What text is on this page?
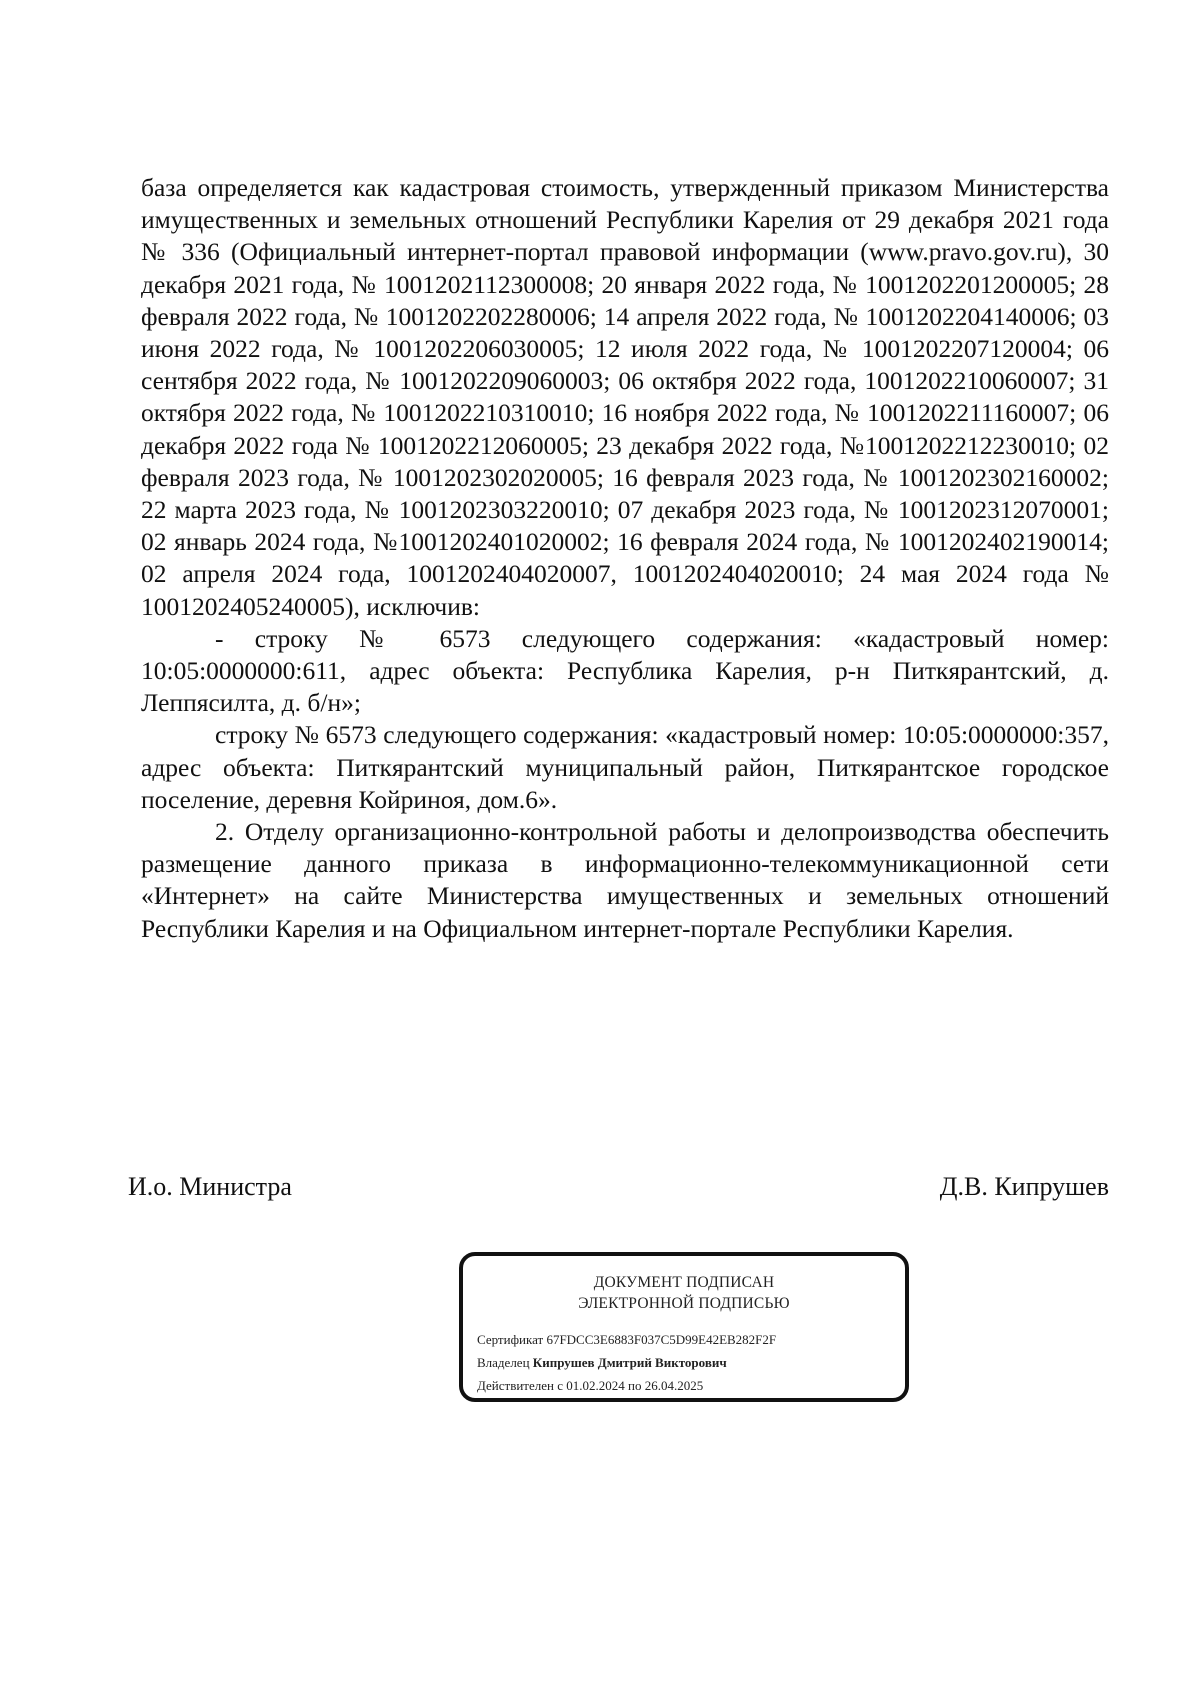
база определяется как кадастровая стоимость, утвержденный приказом Министерства имущественных и земельных отношений Республики Карелия от 29 декабря 2021 года № 336 (Официальный интернет-портал правовой информации (www.pravo.gov.ru), 30 декабря 2021 года, № 1001202112300008; 20 января 2022 года, № 1001202201200005; 28 февраля 2022 года, № 1001202202280006; 14 апреля 2022 года, № 1001202204140006; 03 июня 2022 года, № 1001202206030005; 12 июля 2022 года, № 1001202207120004; 06 сентября 2022 года, № 1001202209060003; 06 октября 2022 года, 1001202210060007; 31 октября 2022 года, № 1001202210310010; 16 ноября 2022 года, № 1001202211160007; 06 декабря 2022 года № 1001202212060005; 23 декабря 2022 года, №1001202212230010; 02 февраля 2023 года, № 1001202302020005; 16 февраля 2023 года, № 1001202302160002; 22 марта 2023 года, № 1001202303220010; 07 декабря 2023 года, № 1001202312070001; 02 январь 2024 года, №1001202401020002; 16 февраля 2024 года, № 1001202402190014; 02 апреля 2024 года, 1001202404020007, 1001202404020010; 24 мая 2024 года № 1001202405240005), исключив:

- строку № 6573 следующего содержания: «кадастровый номер: 10:05:0000000:611, адрес объекта: Республика Карелия, р-н Питкярантский, д. Леппясилта, д. б/н»;

строку № 6573 следующего содержания: «кадастровый номер: 10:05:0000000:357, адрес объекта: Питкярантский муниципальный район, Питкярантское городское поселение, деревня Койриноя, дом.6».

2. Отделу организационно-контрольной работы и делопроизводства обеспечить размещение данного приказа в информационно-телекоммуникационной сети «Интернет» на сайте Министерства имущественных и земельных отношений Республики Карелия и на Официальном интернет-портале Республики Карелия.

И.о. Министра	Д.В. Кипрушев
ДОКУМЕНТ ПОДПИСАН
ЭЛЕКТРОННОЙ ПОДПИСЬЮ
Сертификат 67FDCC3E6883F037C5D99E42EB282F2F
Владелец Кипрушев Дмитрий Викторович
Действителен с 01.02.2024 по 26.04.2025
